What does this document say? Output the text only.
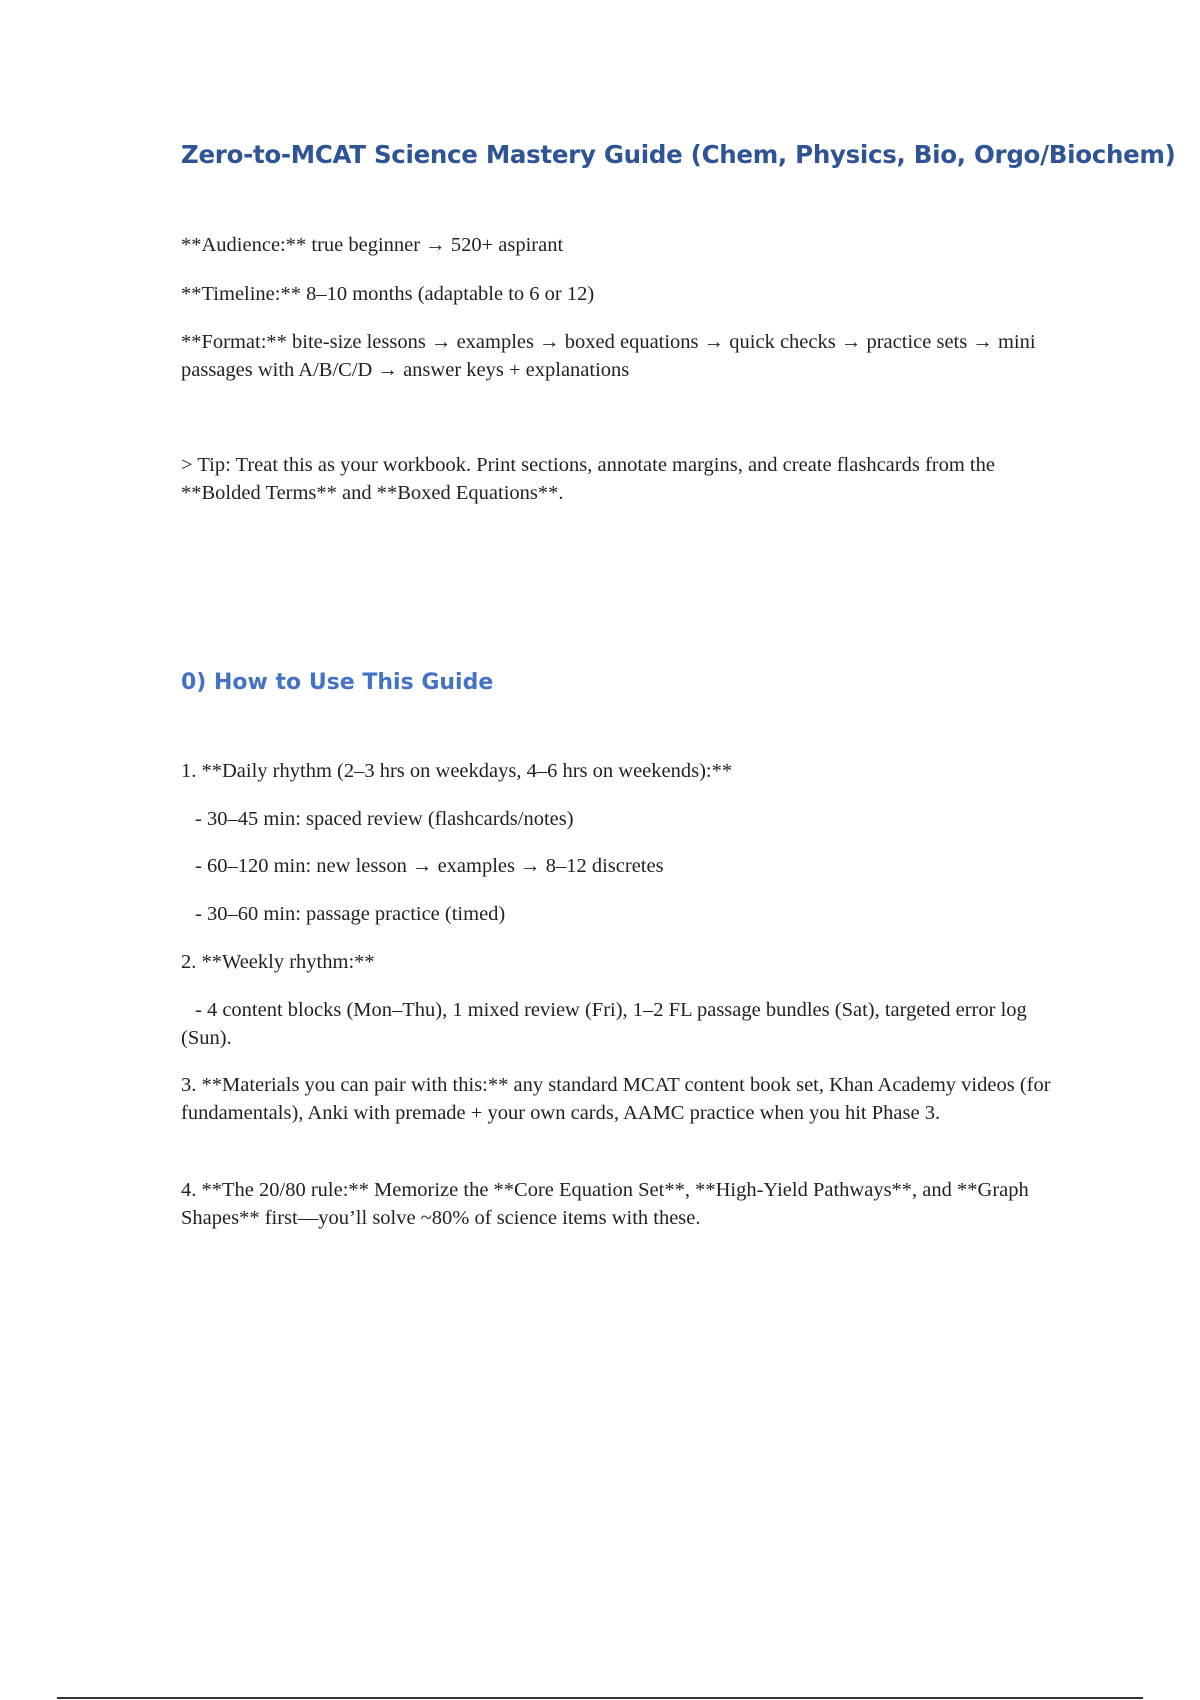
Zero-to-MCAT Science Mastery Guide (Chem, Physics, Bio, Orgo/Biochem)

**Audience:** true beginner → 520+ aspirant

**Timeline:** 8–10 months (adaptable to 6 or 12)

**Format:** bite-size lessons → examples → boxed equations → quick checks → practice sets → mini passages with A/B/C/D → answer keys + explanations

> Tip: Treat this as your workbook. Print sections, annotate margins, and create flashcards from the **Bolded Terms** and **Boxed Equations**.

0) How to Use This Guide

1. **Daily rhythm (2–3 hrs on weekdays, 4–6 hrs on weekends):**

- 30–45 min: spaced review (flashcards/notes)

- 60–120 min: new lesson → examples → 8–12 discretes

- 30–60 min: passage practice (timed)

2. **Weekly rhythm:**

- 4 content blocks (Mon–Thu), 1 mixed review (Fri), 1–2 FL passage bundles (Sat), targeted error log (Sun).

3. **Materials you can pair with this:** any standard MCAT content book set, Khan Academy videos (for fundamentals), Anki with premade + your own cards, AAMC practice when you hit Phase 3.

4. **The 20/80 rule:** Memorize the **Core Equation Set**, **High-Yield Pathways**, and **Graph Shapes** first—you’ll solve ~80% of science items with these.
